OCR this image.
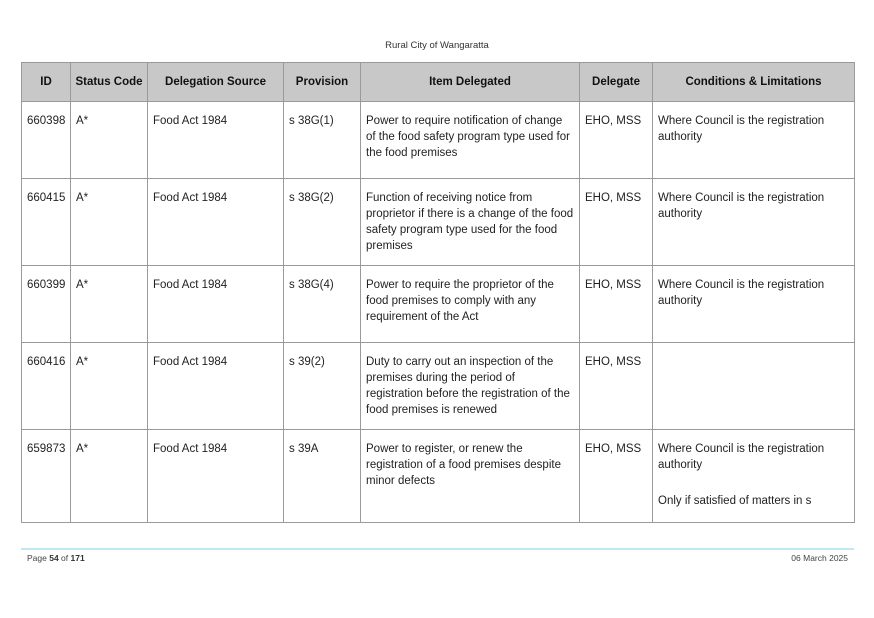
Rural City of Wangaratta
ID	Status Code	Delegation Source	Provision	Item Delegated	Delegate	Conditions & Limitations
660398	A*	Food Act 1984	s 38G(1)	Power to require notification of change of the food safety program type used for the food premises	EHO, MSS	Where Council is the registration authority
660415	A*	Food Act 1984	s 38G(2)	Function of receiving notice from proprietor if there is a change of the food safety program type used for the food premises	EHO, MSS	Where Council is the registration authority
660399	A*	Food Act 1984	s 38G(4)	Power to require the proprietor of the food premises to comply with any requirement of the Act	EHO, MSS	Where Council is the registration authority
660416	A*	Food Act 1984	s 39(2)	Duty to carry out an inspection of the premises during the period of registration before the registration of the food premises is renewed	EHO, MSS	
659873	A*	Food Act 1984	s 39A	Power to register, or renew the registration of a food premises despite minor defects	EHO, MSS	Where Council is the registration authority
Only if satisfied of matters in s
Page 54 of 171	06 March 2025
